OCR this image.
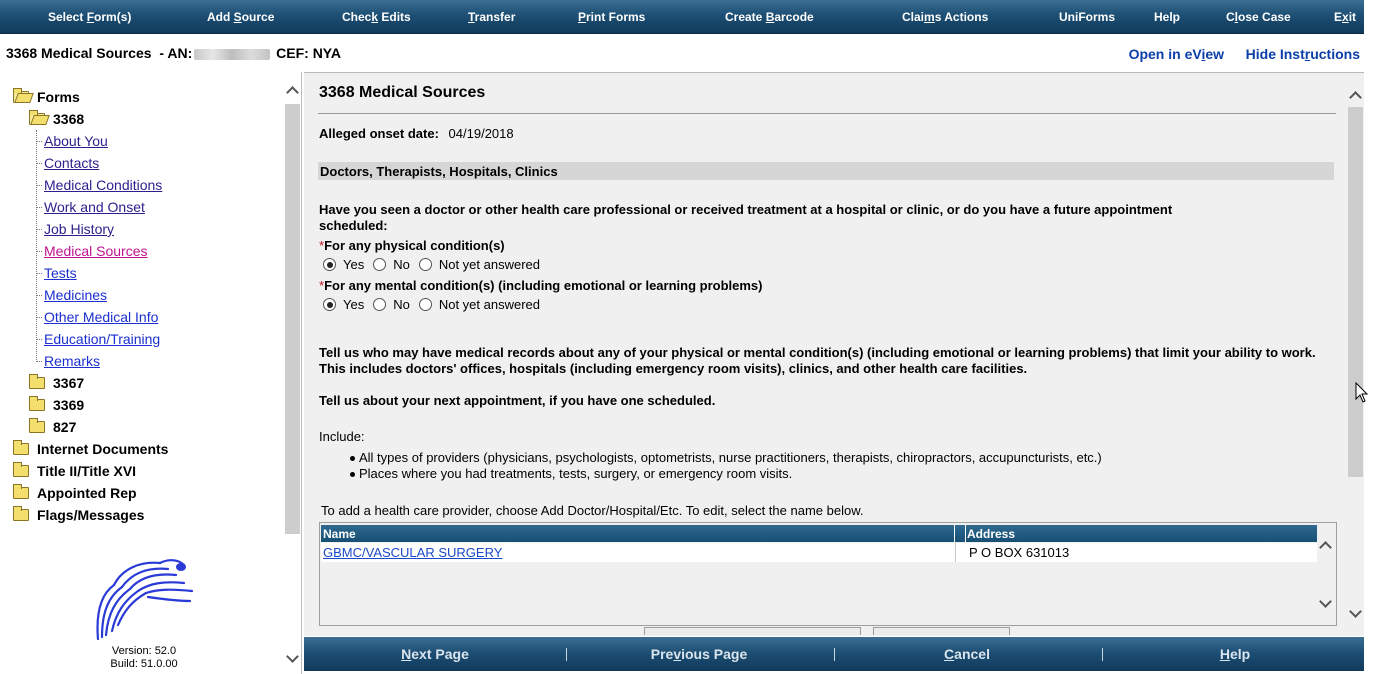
Select Form(s)	Add Source	Check Edits	Transfer	Print Forms	Create Barcode	Claims Actions	UniForms	Help	Close Case	Exit
3368 Medical Sources - AN:	CEF: NYA	Open in eView Hide Instructions
Forms
3368
About You
Contacts
Medical Conditions
Work and Onset
Job History
Medical Sources
Tests
Medicines
Other Medical Info
Education/Training
Remarks
3367
3369
827
Internet Documents
Title II/Title XVI
Appointed Rep
Flags/Messages
Version: 52.0
Build: 51.0.00
3368 Medical Sources
Alleged onset date: 04/19/2018
Doctors, Therapists, Hospitals, Clinics
Have you seen a doctor or other health care professional or received treatment at a hospital or clinic, or do you have a future appointment scheduled:
*For any physical condition(s)
Yes No Not yet answered
*For any mental condition(s) (including emotional or learning problems)
Yes No Not yet answered
Tell us who may have medical records about any of your physical or mental condition(s) (including emotional or learning problems) that limit your ability to work. This includes doctors' offices, hospitals (including emergency room visits), clinics, and other health care facilities.
Tell us about your next appointment, if you have one scheduled.
Include:
All types of providers (physicians, psychologists, optometrists, nurse practitioners, therapists, chiropractors, accupuncturists, etc.)
Places where you had treatments, tests, surgery, or emergency room visits.
To add a health care provider, choose Add Doctor/Hospital/Etc. To edit, select the name below.
Name	Address
GBMC/VASCULAR SURGERY	P O BOX 631013
Next Page	Previous Page	Cancel	Help
